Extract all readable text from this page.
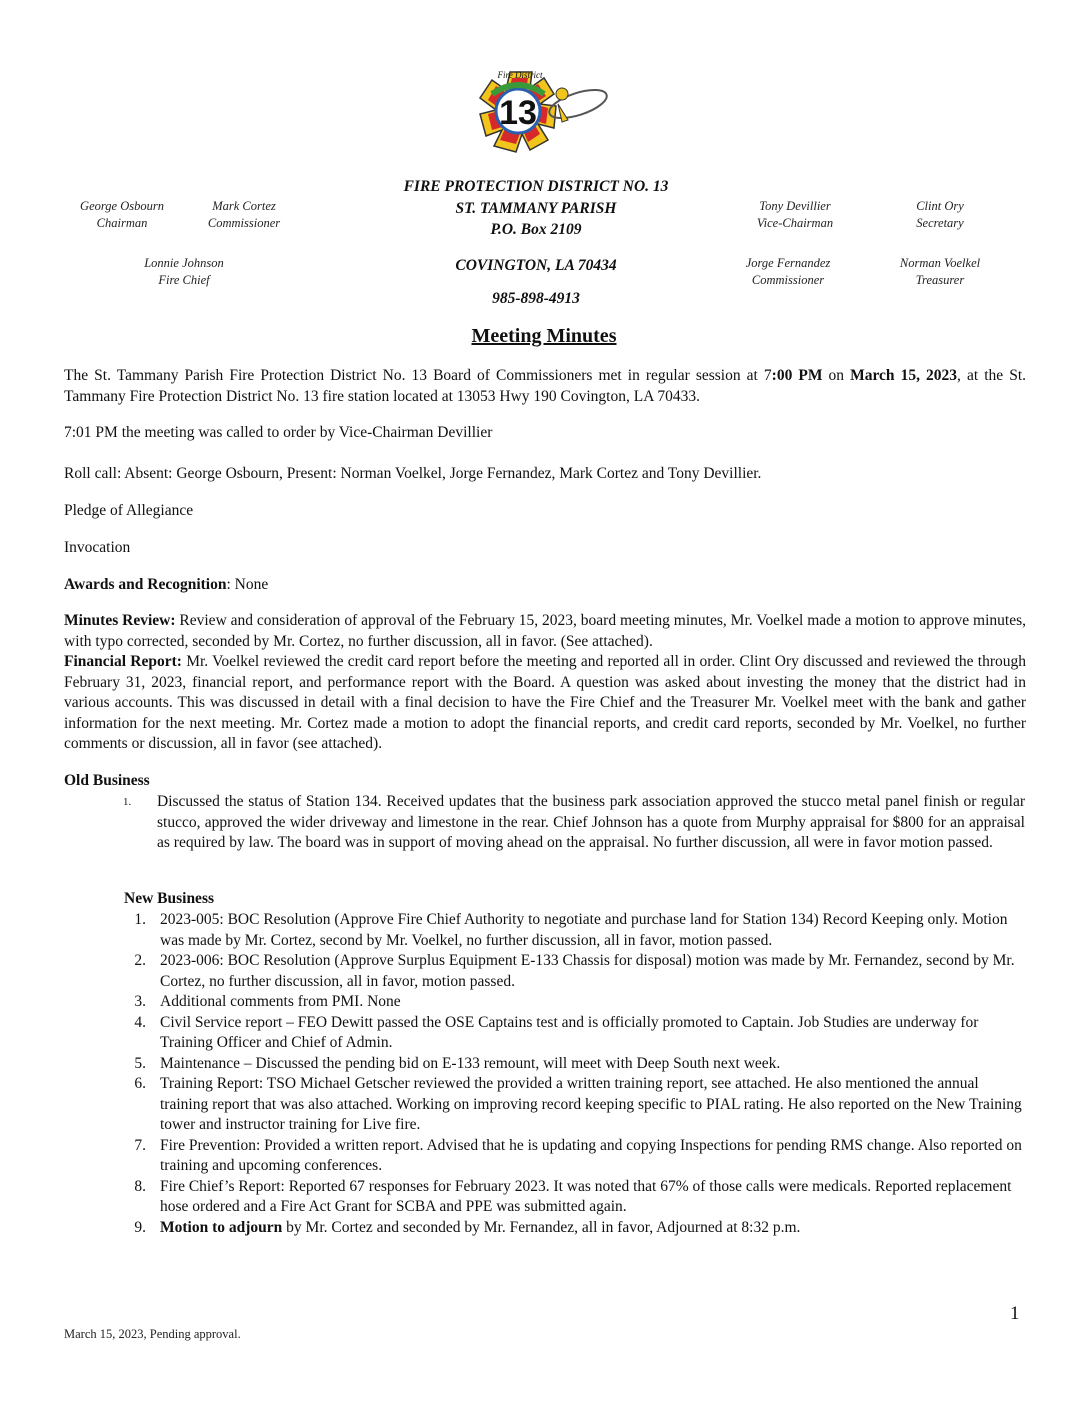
13
Fire District
George Osbourn
Chairman
Mark Cortez
Commissioner
Lonnie Johnson
Fire Chief
Tony Devillier
Vice-Chairman
Clint Ory
Secretary
Jorge Fernandez
Commissioner
Norman Voelkel
Treasurer
FIRE PROTECTION DISTRICT NO. 13
ST. TAMMANY PARISH
P.O. Box 2109
COVINGTON, LA 70434
985-898-4913
Meeting Minutes
The St. Tammany Parish Fire Protection District No. 13 Board of Commissioners met in regular session at 7:00 PM on March 15, 2023, at the St. Tammany Fire Protection District No. 13 fire station located at 13053 Hwy 190 Covington, LA 70433.
7:01 PM the meeting was called to order by Vice-Chairman Devillier
Roll call: Absent: George Osbourn, Present: Norman Voelkel, Jorge Fernandez, Mark Cortez and Tony Devillier.
Pledge of Allegiance
Invocation
Awards and Recognition: None
Minutes Review: Review and consideration of approval of the February 15, 2023, board meeting minutes, Mr. Voelkel made a motion to approve minutes, with typo corrected, seconded by Mr. Cortez, no further discussion, all in favor. (See attached).
Financial Report: Mr. Voelkel reviewed the credit card report before the meeting and reported all in order. Clint Ory discussed and reviewed the through February 31, 2023, financial report, and performance report with the Board. A question was asked about investing the money that the district had in various accounts. This was discussed in detail with a final decision to have the Fire Chief and the Treasurer Mr. Voelkel meet with the bank and gather information for the next meeting. Mr. Cortez made a motion to adopt the financial reports, and credit card reports, seconded by Mr. Voelkel, no further comments or discussion, all in favor (see attached).
Old Business
1. Discussed the status of Station 134. Received updates that the business park association approved the stucco metal panel finish or regular stucco, approved the wider driveway and limestone in the rear. Chief Johnson has a quote from Murphy appraisal for $800 for an appraisal as required by law. The board was in support of moving ahead on the appraisal. No further discussion, all were in favor motion passed.
New Business
1. 2023-005: BOC Resolution (Approve Fire Chief Authority to negotiate and purchase land for Station 134) Record Keeping only. Motion was made by Mr. Cortez, second by Mr. Voelkel, no further discussion, all in favor, motion passed.
2. 2023-006: BOC Resolution (Approve Surplus Equipment E-133 Chassis for disposal) motion was made by Mr. Fernandez, second by Mr. Cortez, no further discussion, all in favor, motion passed.
3. Additional comments from PMI. None
4. Civil Service report – FEO Dewitt passed the OSE Captains test and is officially promoted to Captain. Job Studies are underway for Training Officer and Chief of Admin.
5. Maintenance – Discussed the pending bid on E-133 remount, will meet with Deep South next week.
6. Training Report: TSO Michael Getscher reviewed the provided a written training report, see attached. He also mentioned the annual training report that was also attached. Working on improving record keeping specific to PIAL rating. He also reported on the New Training tower and instructor training for Live fire.
7. Fire Prevention: Provided a written report. Advised that he is updating and copying Inspections for pending RMS change. Also reported on training and upcoming conferences.
8. Fire Chief’s Report: Reported 67 responses for February 2023. It was noted that 67% of those calls were medicals. Reported replacement hose ordered and a Fire Act Grant for SCBA and PPE was submitted again.
9. Motion to adjourn by Mr. Cortez and seconded by Mr. Fernandez, all in favor, Adjourned at 8:32 p.m.
1
March 15, 2023, Pending approval.
